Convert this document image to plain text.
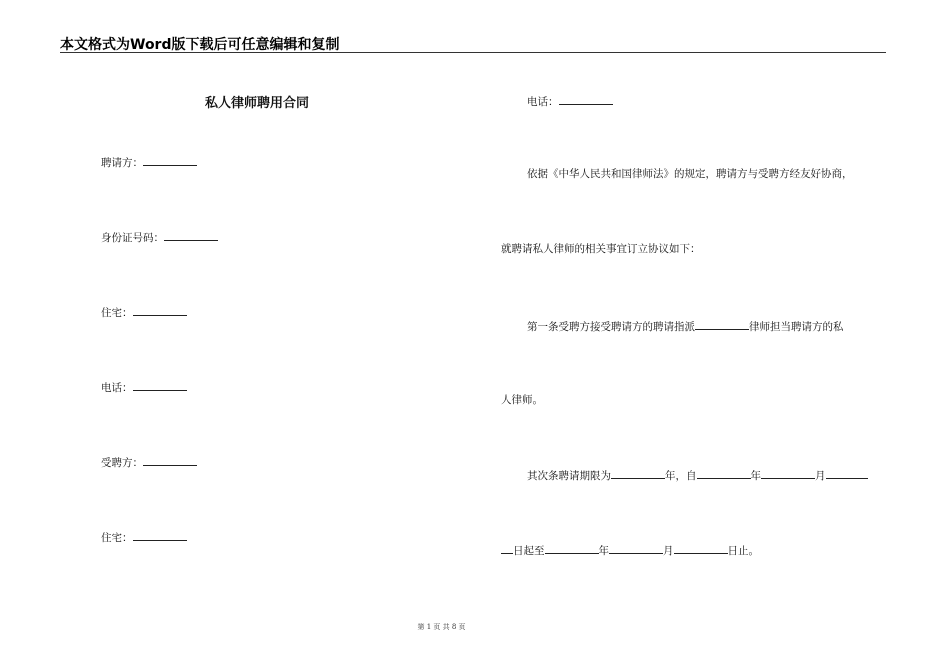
本文格式为Word版下载后可任意编辑和复制
私人律师聘用合同
聘请方：
身份证号码：
住宅：
电话：
受聘方：
住宅：
电话：
依据《中华人民共和国律师法》的规定，聘请方与受聘方经友好协商，
就聘请私人律师的相关事宜订立协议如下：
第一条受聘方接受聘请方的聘请指派	律师担当聘请方的私
人律师。
其次条聘请期限为	年，自	年	月
日起至	年	月	日止。
第 1 页 共 8 页
